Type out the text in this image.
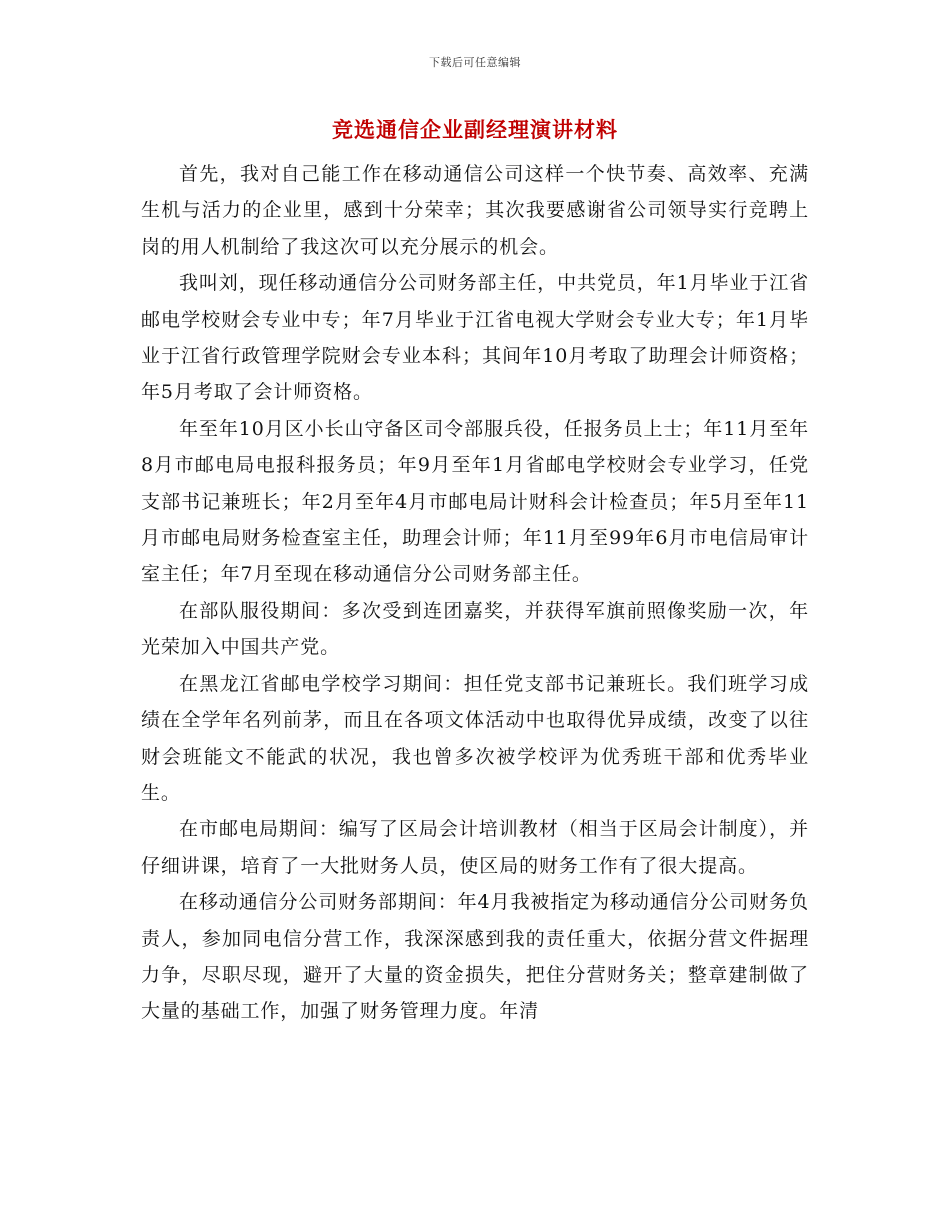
下载后可任意编辑
竞选通信企业副经理演讲材料

首先，我对自己能工作在移动通信公司这样一个快节奏、高效率、充满生机与活力的企业里，感到十分荣幸；其次我要感谢省公司领导实行竞聘上岗的用人机制给了我这次可以充分展示的机会。

我叫刘，现任移动通信分公司财务部主任，中共党员，年1月毕业于江省邮电学校财会专业中专；年7月毕业于江省电视大学财会专业大专；年1月毕业于江省行政管理学院财会专业本科；其间年10月考取了助理会计师资格；年5月考取了会计师资格。

年至年10月区小长山守备区司令部服兵役，任报务员上士；年11月至年8月市邮电局电报科报务员；年9月至年1月省邮电学校财会专业学习，任党支部书记兼班长；年2月至年4月市邮电局计财科会计检查员；年5月至年11月市邮电局财务检查室主任，助理会计师；年11月至99年6月市电信局审计室主任；年7月至现在移动通信分公司财务部主任。

在部队服役期间：多次受到连团嘉奖，并获得军旗前照像奖励一次，年光荣加入中国共产党。

在黑龙江省邮电学校学习期间：担任党支部书记兼班长。我们班学习成绩在全学年名列前茅，而且在各项文体活动中也取得优异成绩，改变了以往财会班能文不能武的状况，我也曾多次被学校评为优秀班干部和优秀毕业生。

在市邮电局期间：编写了区局会计培训教材（相当于区局会计制度），并仔细讲课，培育了一大批财务人员，使区局的财务工作有了很大提高。

在移动通信分公司财务部期间：年4月我被指定为移动通信分公司财务负责人，参加同电信分营工作，我深深感到我的责任重大，依据分营文件据理力争，尽职尽现，避开了大量的资金损失，把住分营财务关；整章建制做了大量的基础工作，加强了财务管理力度。年清
